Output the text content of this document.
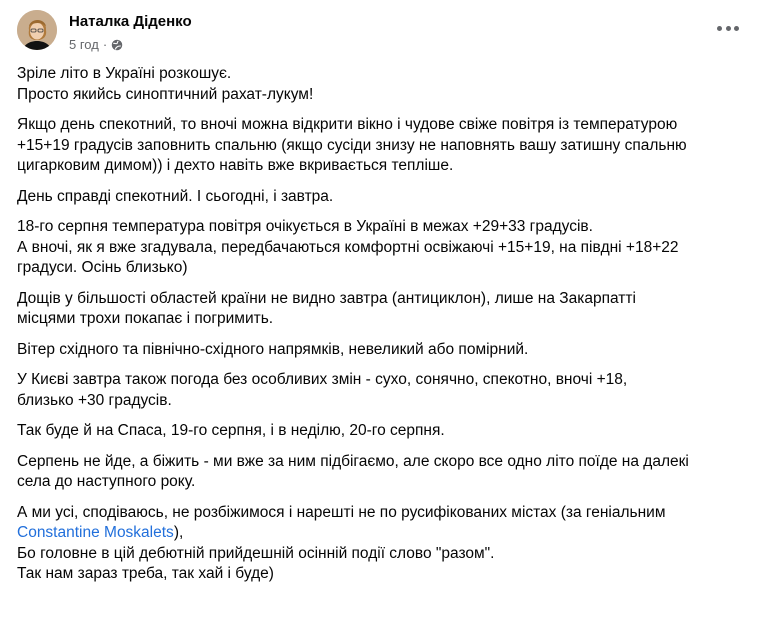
Наталка Діденко
5 год ·

Зріле літо в Україні розкошує.
Просто якийсь синоптичний рахат-лукум!

Якщо день спекотний, то вночі можна відкрити вікно і чудове свіже повітря із температурою
+15+19 градусів заповнить спальню (якщо сусіди знизу не наповнять вашу затишну спальню
цигарковим димом)) і дехто навіть вже вкривається тепліше.

День справді спекотний. І сьогодні, і завтра.

18-го серпня температура повітря очікується в Україні в межах +29+33 градусів.
А вночі, як я вже згадувала, передбачаються комфортні освіжаючі +15+19, на півдні +18+22
градуси. Осінь близько)

Дощів у більшості областей країни не видно завтра (антициклон), лише на Закарпатті
місцями трохи покапає і погримить.

Вітер східного та північно-східного напрямків, невеликий або помірний.

У Києві завтра також погода без особливих змін - сухо, сонячно, спекотно, вночі +18,
близько +30 градусів.

Так буде й на Спаса, 19-го серпня, і в неділю, 20-го серпня.

Серпень не йде, а біжить - ми вже за ним підбігаємо, але скоро все одно літо поїде на далекі
села до наступного року.

А ми усі, сподіваюсь, не розбіжимося і нарешті не по русифікованих містах (за геніальним
Constantine Moskalets),
Бо головне в цій дебютній прийдешній осінній події слово "разом".
Так нам зараз треба, так хай і буде)
